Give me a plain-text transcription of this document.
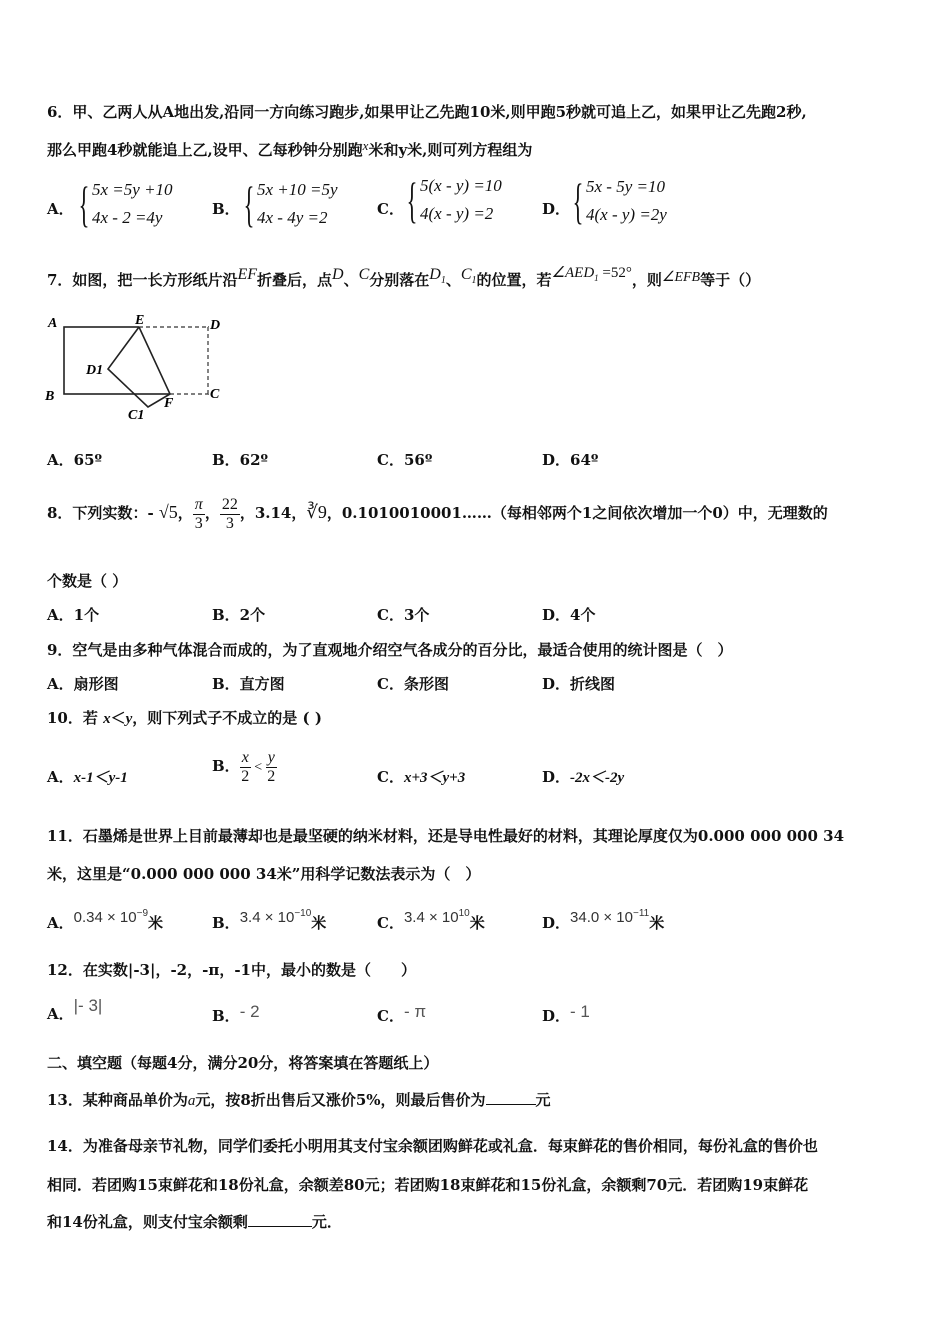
6．甲、乙两人从A地出发,沿同一方向练习跑步,如果甲让乙先跑10米,则甲跑5秒就可追上乙，如果甲让乙先跑2秒,
那么甲跑4秒就能追上乙,设甲、乙每秒钟分别跑x米和y米,则可列方程组为
A． { 5x =5y +10
4x - 2 =4y	B． { 5x +10 =5y
4x - 4y =2	C． { 5(x - y) =10
4(x - y) =2	D． { 5x - 5y =10
4(x - y) =2y
7．如图，把一长方形纸片沿EF折叠后，点D、C分别落在$D_1$、$C_1$的位置，若$\angle AED_1 =52^\circ$，则∠EFB等于（）
A	E	D
B
D1
C1
F
C
A．65º	B．62º	C．56º	D．64º
8．下列实数：- √5， $\frac{\pi}{3}$ ， $\frac{22}{3}$ ，3.14，∛9，0.1010010001……（每相邻两个1之间依次增加一个0）中，无理数的
个数是（ ）
A．1个	B．2个	C．3个	D．4个
9．空气是由多种气体混合而成的，为了直观地介绍空气各成分的百分比，最适合使用的统计图是（　）
A．扇形图	B．直方图	C．条形图	D．折线图
10．若 x＜y，则下列式子不成立的是 ( )
A．x-1＜y-1
B． $\frac{x}{2} < \frac{y}{2}$	C．x+3＜y+3	D．-2x＜-2y
11．石墨烯是世界上目前最薄却也是最坚硬的纳米材料，还是导电性最好的材料，其理论厚度仅为0.000 000 000 34
米，这里是“0.000 000 000 34米”用科学记数法表示为（　）
A．$0.34 \times 10^{-9}$米	B．$3.4 \times 10^{-10}$米	C．$3.4 \times 10^{10}$米	D．$34.0 \times 10^{-11}$米
12．在实数|-3|，-2，-π，-1中，最小的数是（　　）
A．|- 3|
B．- 2	C．- π	D．- 1
二、填空题（每题4分，满分20分，将答案填在答题纸上）
13．某种商品单价为a元，按8折出售后又涨价5%，则最后售价为	元
14．为准备母亲节礼物，同学们委托小明用其支付宝余额团购鲜花或礼盒．每束鲜花的售价相同，每份礼盒的售价也
相同．若团购15束鲜花和18份礼盒，余额差80元；若团购18束鲜花和15份礼盒，余额剩70元．若团购19束鲜花
和14份礼盒，则支付宝余额剩	元．
